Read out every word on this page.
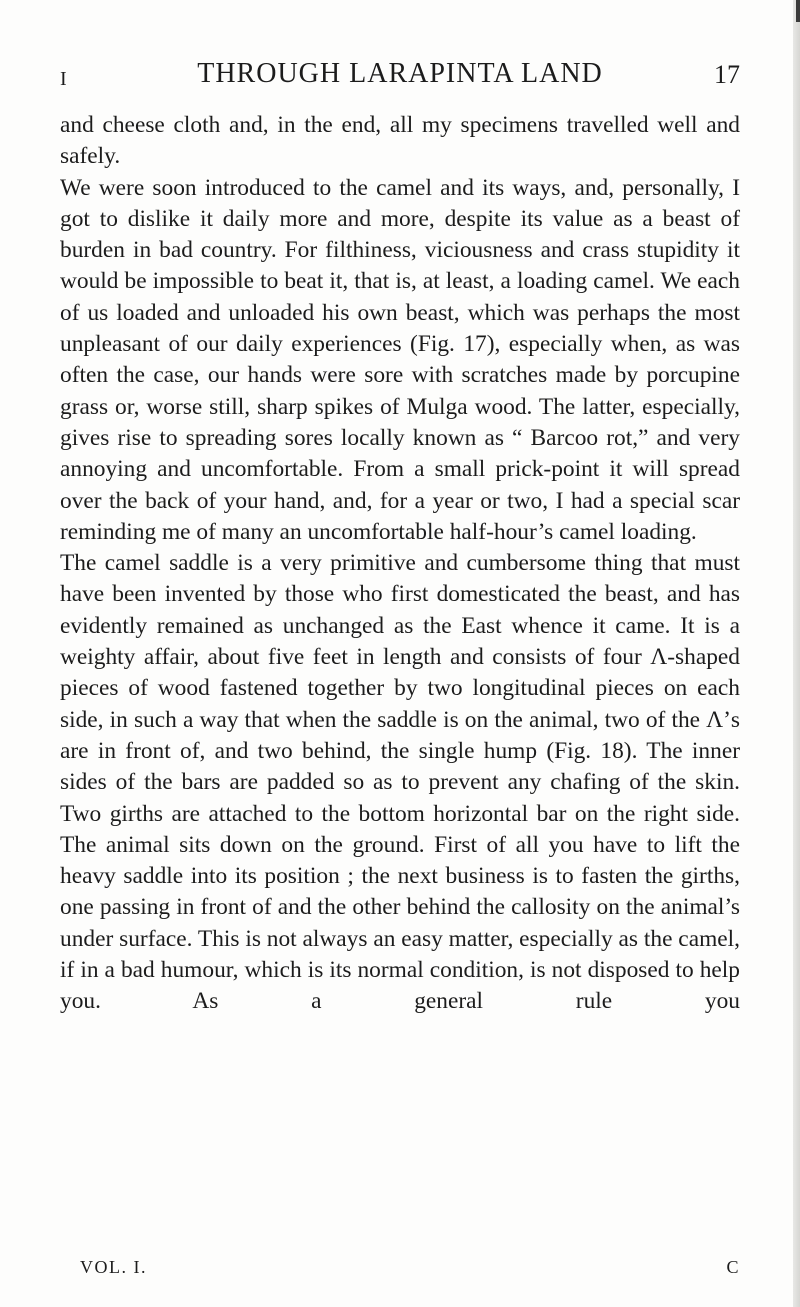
I	THROUGH LARAPINTA LAND	17

and cheese cloth and, in the end, all my specimens travelled well and safely.

We were soon introduced to the camel and its ways, and, personally, I got to dislike it daily more and more, despite its value as a beast of burden in bad country. For filthiness, viciousness and crass stupidity it would be impossible to beat it, that is, at least, a loading camel. We each of us loaded and unloaded his own beast, which was perhaps the most unpleasant of our daily experiences (Fig. 17), especially when, as was often the case, our hands were sore with scratches made by porcupine grass or, worse still, sharp spikes of Mulga wood. The latter, especially, gives rise to spreading sores locally known as “ Barcoo rot,” and very annoying and uncomfortable. From a small prick-point it will spread over the back of your hand, and, for a year or two, I had a special scar reminding me of many an uncomfortable half-hour’s camel loading.

The camel saddle is a very primitive and cumbersome thing that must have been invented by those who first domesticated the beast, and has evidently remained as unchanged as the East whence it came. It is a weighty affair, about five feet in length and consists of four Λ-shaped pieces of wood fastened together by two longitudinal pieces on each side, in such a way that when the saddle is on the animal, two of the Λ’s are in front of, and two behind, the single hump (Fig. 18). The inner sides of the bars are padded so as to prevent any chafing of the skin. Two girths are attached to the bottom horizontal bar on the right side. The animal sits down on the ground. First of all you have to lift the heavy saddle into its position ; the next business is to fasten the girths, one passing in front of and the other behind the callosity on the animal’s under surface. This is not always an easy matter, especially as the camel, if in a bad humour, which is its normal condition, is not disposed to help you. As a general rule you

VOL. I.	C
